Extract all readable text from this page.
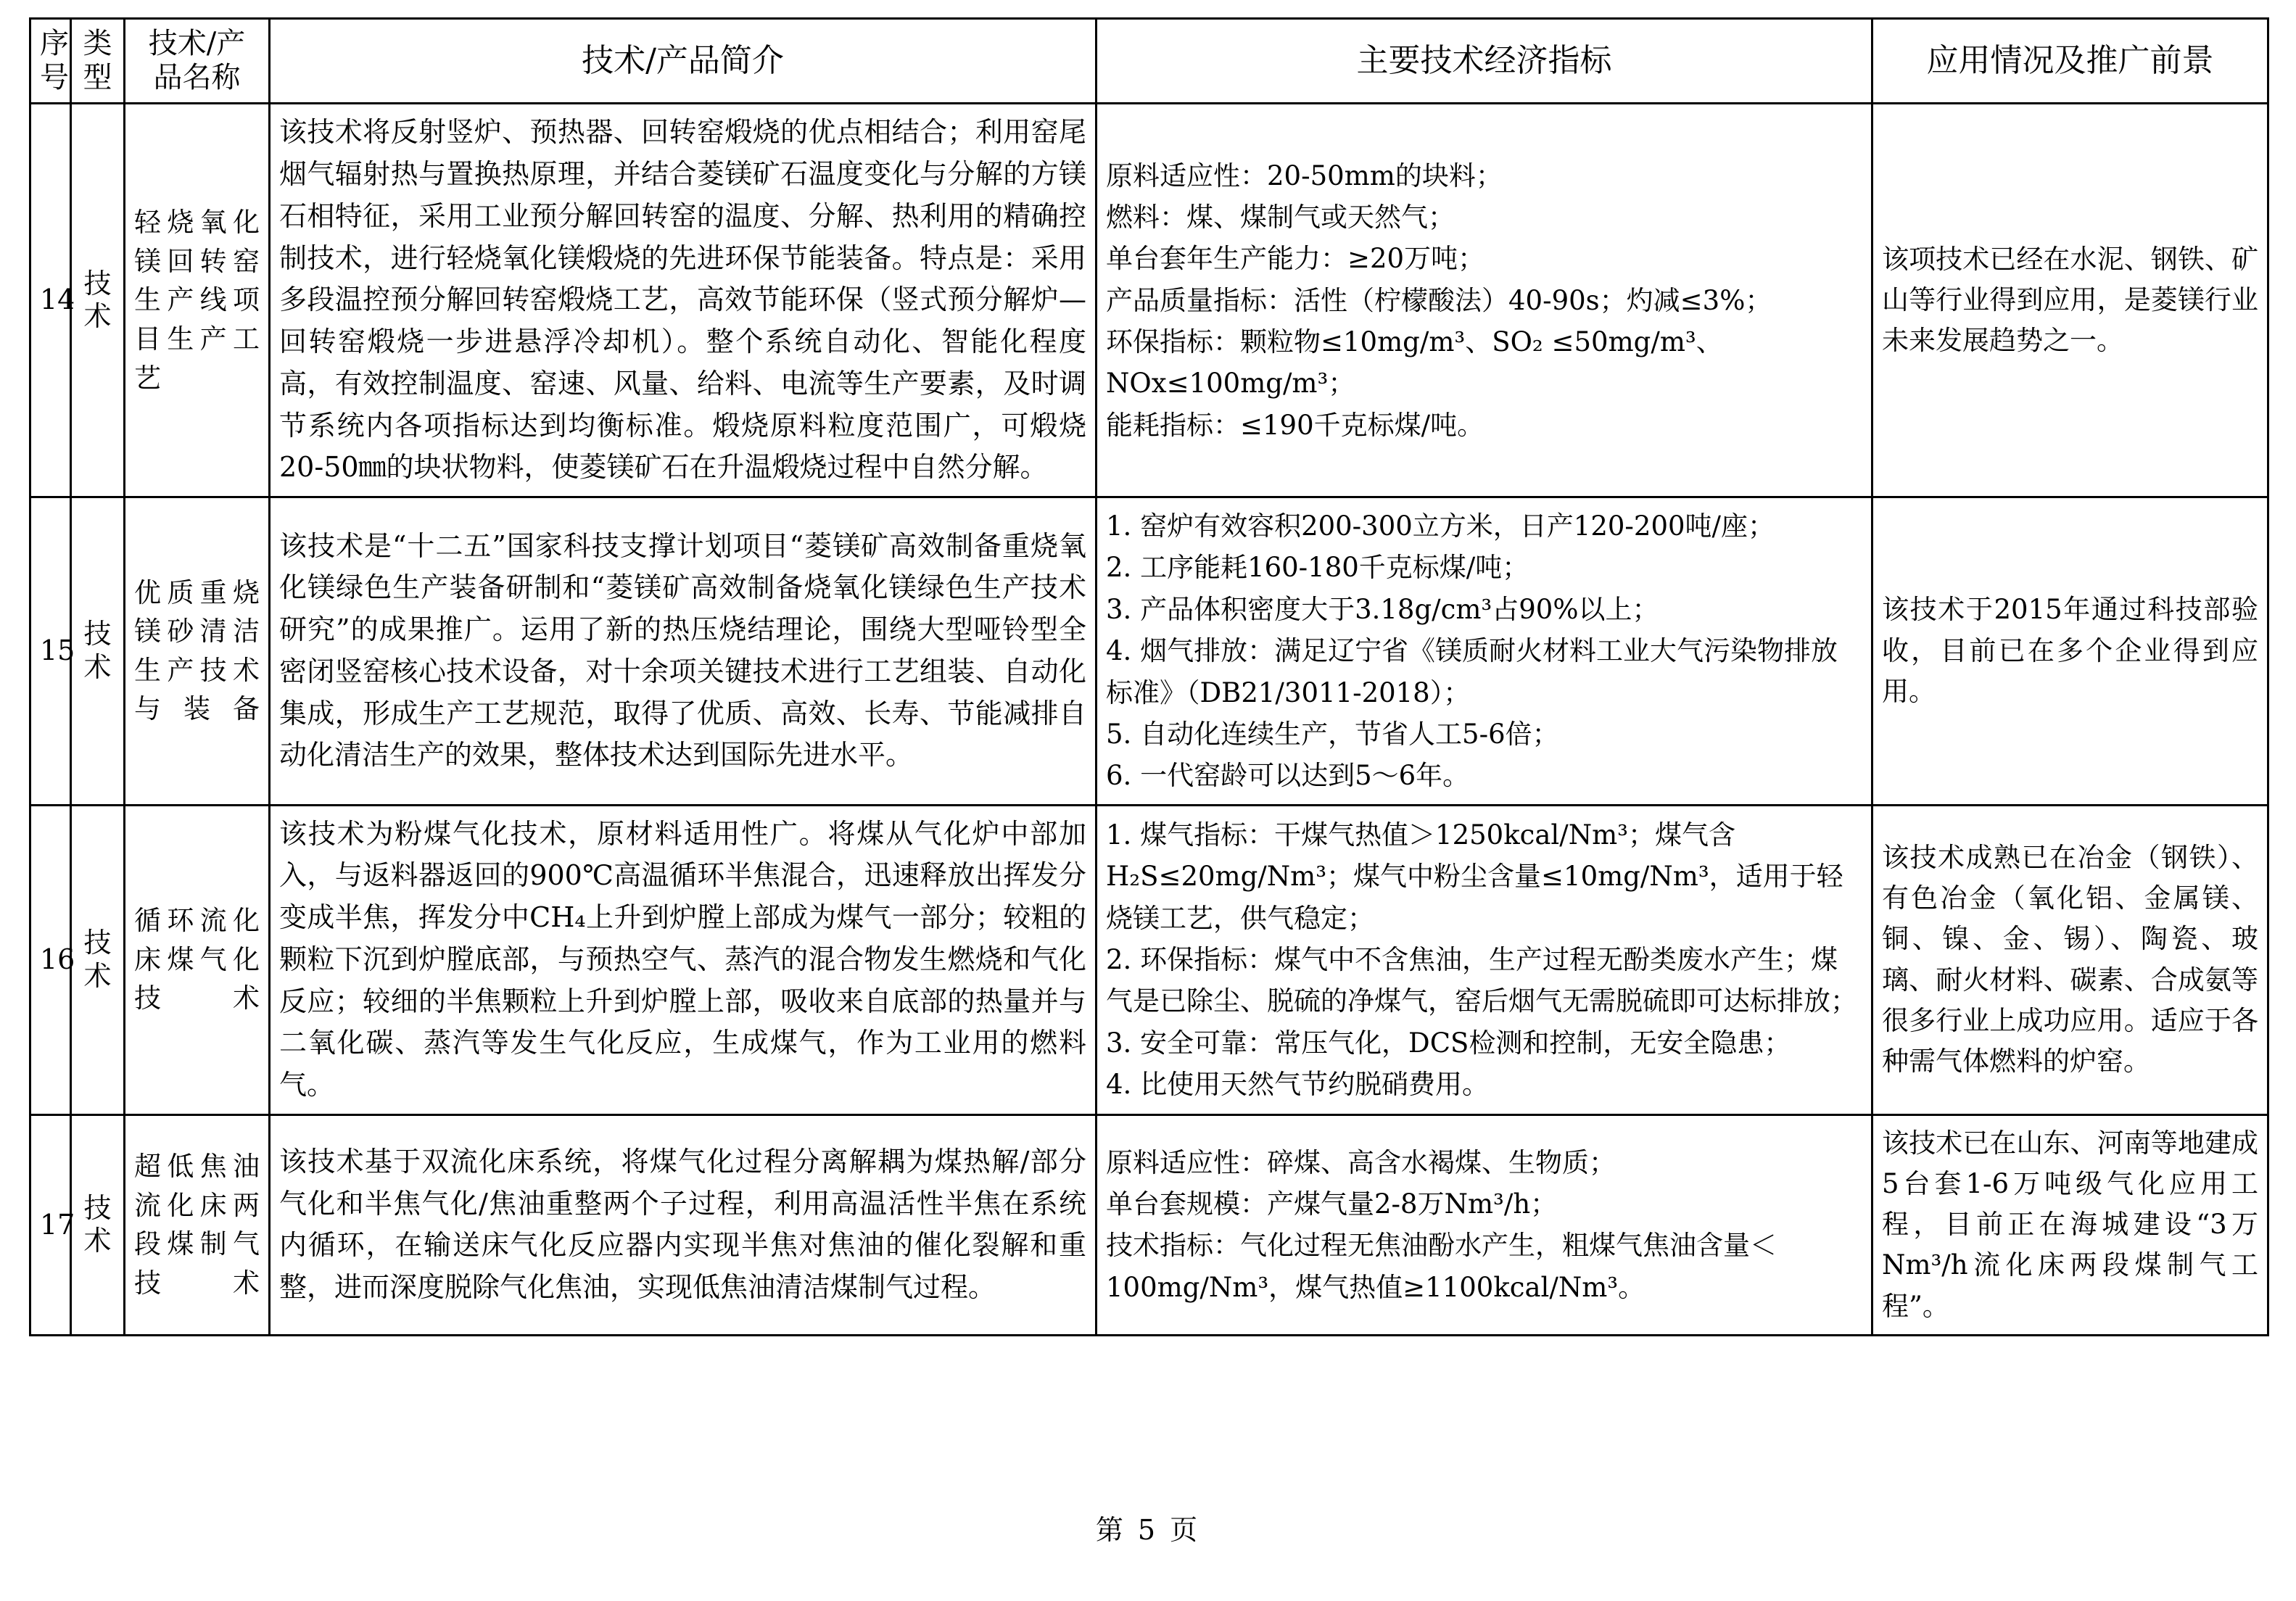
序号	类型	技术/产品名称	技术/产品简介	主要技术经济指标	应用情况及推广前景
14	技术	轻烧氧化镁回转窑生产线项目生产工艺	该技术将反射竖炉、预热器、回转窑煅烧的优点相结合；利用窑尾烟气辐射热与置换热原理，并结合菱镁矿石温度变化与分解的方镁石相特征，采用工业预分解回转窑的温度、分解、热利用的精确控制技术，进行轻烧氧化镁煅烧的先进环保节能装备。特点是：采用多段温控预分解回转窑煅烧工艺，高效节能环保（竖式预分解炉—回转窑煅烧一步进悬浮冷却机）。整个系统自动化、智能化程度高，有效控制温度、窑速、风量、给料、电流等生产要素，及时调节系统内各项指标达到均衡标准。煅烧原料粒度范围广，可煅烧20-50㎜的块状物料，使菱镁矿石在升温煅烧过程中自然分解。	
原料适应性：20-50mm的块料；
燃料：煤、煤制气或天然气；
单台套年生产能力：≥20万吨；
产品质量指标：活性（柠檬酸法）40-90s；灼减≤3%；
环保指标：颗粒物≤10mg/m³、SO₂ ≤50mg/m³、NOx≤100mg/m³；
能耗指标：≤190千克标煤/吨。
	该项技术已经在水泥、钢铁、矿山等行业得到应用，是菱镁行业未来发展趋势之一。
15	技术	优质重烧镁砂清洁生产技术与装备	该技术是“十二五”国家科技支撑计划项目“菱镁矿高效制备重烧氧化镁绿色生产装备研制和“菱镁矿高效制备烧氧化镁绿色生产技术研究”的成果推广。运用了新的热压烧结理论，围绕大型哑铃型全密闭竖窑核心技术设备，对十余项关键技术进行工艺组装、自动化集成，形成生产工艺规范，取得了优质、高效、长寿、节能减排自动化清洁生产的效果，整体技术达到国际先进水平。	
1. 窑炉有效容积200-300立方米，日产120-200吨/座；
2. 工序能耗160-180千克标煤/吨；
3. 产品体积密度大于3.18g/cm³占90%以上；
4. 烟气排放：满足辽宁省《镁质耐火材料工业大气污染物排放标准》（DB21/3011-2018）；
5. 自动化连续生产，节省人工5-6倍；
6. 一代窑龄可以达到5～6年。
	该技术于2015年通过科技部验收，目前已在多个企业得到应用。
16	技术	循环流化床煤气化技术	该技术为粉煤气化技术，原材料适用性广。将煤从气化炉中部加入，与返料器返回的900℃高温循环半焦混合，迅速释放出挥发分变成半焦，挥发分中CH₄上升到炉膛上部成为煤气一部分；较粗的颗粒下沉到炉膛底部，与预热空气、蒸汽的混合物发生燃烧和气化反应；较细的半焦颗粒上升到炉膛上部，吸收来自底部的热量并与二氧化碳、蒸汽等发生气化反应，生成煤气，作为工业用的燃料气。	1. 煤气指标：干煤气热值＞1250kcal/Nm³；煤气含H₂S≤20mg/Nm³；煤气中粉尘含量≤10mg/Nm³，适用于轻烧镁工艺，供气稳定；
2. 环保指标：煤气中不含焦油，生产过程无酚类废水产生；煤气是已除尘、脱硫的净煤气，窑后烟气无需脱硫即可达标排放；
3. 安全可靠：常压气化，DCS检测和控制，无安全隐患；
4. 比使用天然气节约脱硝费用。	该技术成熟已在冶金（钢铁）、有色冶金（氧化铝、金属镁、铜、镍、金、锡）、陶瓷、玻璃、耐火材料、碳素、合成氨等很多行业上成功应用。适应于各种需气体燃料的炉窑。
17	技术	超低焦油流化床两段煤制气技术	该技术基于双流化床系统，将煤气化过程分离解耦为煤热解/部分气化和半焦气化/焦油重整两个子过程，利用高温活性半焦在系统内循环，在输送床气化反应器内实现半焦对焦油的催化裂解和重整，进而深度脱除气化焦油，实现低焦油清洁煤制气过程。	原料适应性：碎煤、高含水褐煤、生物质；
单台套规模：产煤气量2-8万Nm³/h；
技术指标：气化过程无焦油酚水产生，粗煤气焦油含量＜100mg/Nm³，煤气热值≥1100kcal/Nm³。	该技术已在山东、河南等地建成5台套1-6万吨级气化应用工程，目前正在海城建设“3万Nm³/h流化床两段煤制气工程”。
第 5 页
